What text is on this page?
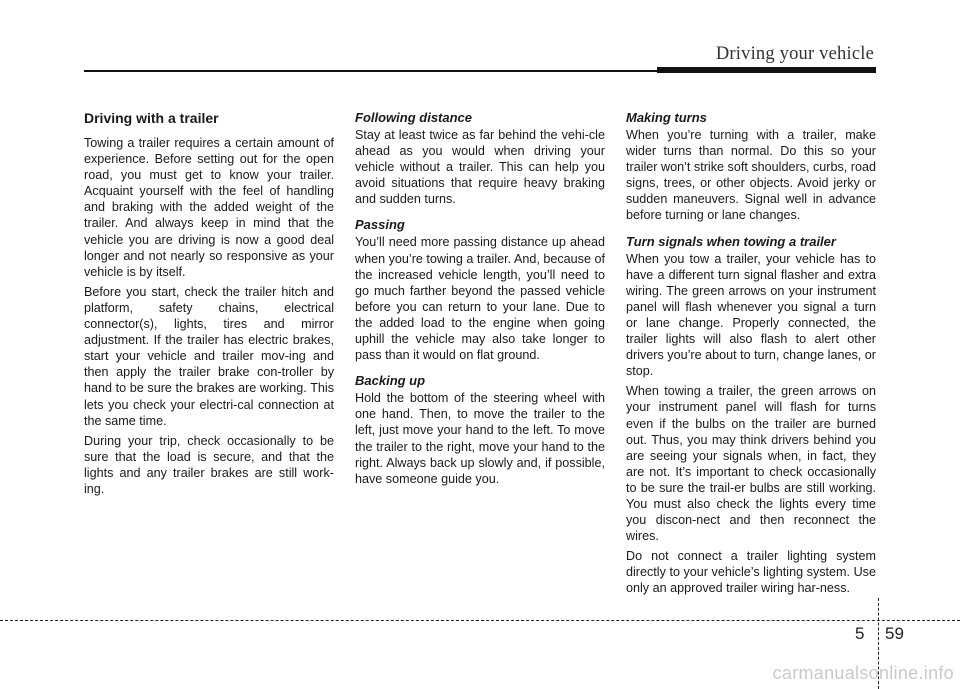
Driving your vehicle
Driving with a trailer

Towing a trailer requires a certain amount of experience. Before setting out for the open road, you must get to know your trailer. Acquaint yourself with the feel of handling and braking with the added weight of the trailer. And always keep in mind that the vehicle you are driving is now a good deal longer and not nearly so responsive as your vehicle is by itself.

Before you start, check the trailer hitch and platform, safety chains, electrical connector(s), lights, tires and mirror adjustment. If the trailer has electric brakes, start your vehicle and trailer mov-ing and then apply the trailer brake con-troller by hand to be sure the brakes are working. This lets you check your electri-cal connection at the same time.

During your trip, check occasionally to be sure that the load is secure, and that the lights and any trailer brakes are still work-ing.

Following distance

Stay at least twice as far behind the vehi-cle ahead as you would when driving your vehicle without a trailer. This can help you avoid situations that require heavy braking and sudden turns.

Passing

You’ll need more passing distance up ahead when you’re towing a trailer. And, because of the increased vehicle length, you’ll need to go much farther beyond the passed vehicle before you can return to your lane. Due to the added load to the engine when going uphill the vehicle may also take longer to pass than it would on flat ground.

Backing up

Hold the bottom of the steering wheel with one hand. Then, to move the trailer to the left, just move your hand to the left. To move the trailer to the right, move your hand to the right. Always back up slowly and, if possible, have someone guide you.

Making turns

When you’re turning with a trailer, make wider turns than normal. Do this so your trailer won’t strike soft shoulders, curbs, road signs, trees, or other objects. Avoid jerky or sudden maneuvers. Signal well in advance before turning or lane changes.

Turn signals when towing a trailer

When you tow a trailer, your vehicle has to have a different turn signal flasher and extra wiring. The green arrows on your instrument panel will flash whenever you signal a turn or lane change. Properly connected, the trailer lights will also flash to alert other drivers you’re about to turn, change lanes, or stop.

When towing a trailer, the green arrows on your instrument panel will flash for turns even if the bulbs on the trailer are burned out. Thus, you may think drivers behind you are seeing your signals when, in fact, they are not. It’s important to check occasionally to be sure the trail-er bulbs are still working. You must also check the lights every time you discon-nect and then reconnect the wires.

Do not connect a trailer lighting system directly to your vehicle’s lighting system. Use only an approved trailer wiring har-ness.

5 59
carmanualsonline.info
